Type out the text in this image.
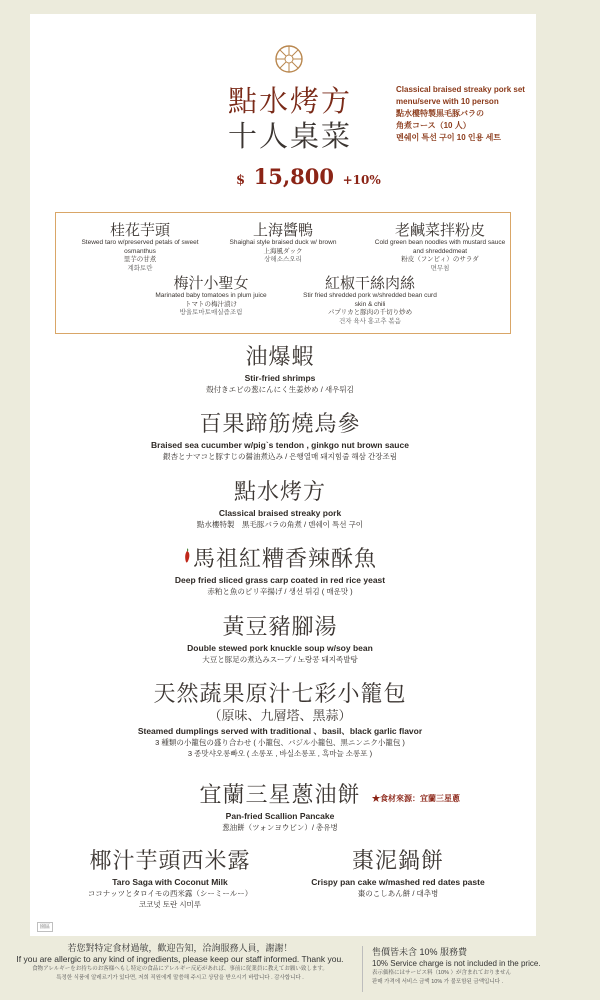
點水烤方
十人桌菜
Classical braised streaky pork set
menu/serve with 10 person
點水樓特製黒毛豚バラの
角煮コース（10 人）
뎬쉐이 특선 구이 10 인용 세트
$ 15,800 +10%
桂花芋頭
Stewed taro w/preserved petals of sweet osmanthus
里芋の甘煮
계화토란
上海醬鴨
Shaighai style braised duck w/ brown
上海風ダック
상해소스오리
老鹹菜拌粉皮
Cold green bean noodles with mustard sauce and shreddedmeat
粉皮（フンピィ）のサラダ
면무침
梅汁小聖女
Marinated baby tomatoes in plum juice
トマトの梅汁漬け
방울토마토매실즙조림
紅椒干絲肉絲
Stir fried shredded pork w/shredded bean curd skin & chili
パプリカと豚肉の千切り炒め
건자 육사 홍고추 볶음
油爆蝦
Stir-fried shrimps
殻付きエビの葱にんにく生姜炒め / 새우튀김
百果蹄筋燒烏參
Braised sea cucumber w/pig`s tendon , ginkgo nut brown sauce
銀杏とナマコと豚すじの醤油煮込み / 은행열매 돼지힘줄 해삼 간장조림
點水烤方
Classical braised streaky pork
點水樓特製　黒毛豚バラの角煮 / 뎬쉐이 특선 구이
馬祖紅糟香辣酥魚
Deep fried sliced grass carp coated in red rice yeast
赤粕と魚のピリ辛揚げ / 생선 튀김 ( 매운맛 )
黃豆豬腳湯
Double stewed pork knuckle soup w/soy bean
大豆と豚足の煮込みスープ / 노랑콩 돼지족발탕
天然蔬果原汁七彩小籠包
（原味、九層塔、黑蒜）
Steamed dumplings served with traditional 、basil、black garlic flavor
3 種類の小籠包の盛り合わせ ( 小籠包、バジル小籠包、黒ニンニク小籠包 )
3 종맛샤오롱빠오 ( 소롱포 , 바실소롱포 , 흑마늘 소롱포 )
宜蘭三星蔥油餅
Pan-fried Scallion Pancake
葱油餅（ツォンヨウビン）/ 총유병
★食材來源：宜蘭三星蔥
椰汁芋頭西米露
Taro Saga with Coconut Milk
ココナッツとタロイモの西米露（シーミールー）
코코넛 토란 시미루
棗泥鍋餅
Crispy pan cake w/mashed red dates paste
棗のこしあん餅 / 대추병
園區
若您對特定食材過敏，歡迎告知，洽詢服務人員，謝謝！
If you are allergic to any kind of ingredients, please keep our staff informed. Thank you.
食物アレルギーをお持ちのお客様へもし特定の食品にアレルギー反応があれば、事前に従業員に教えてお願い致します。
특정한 식품에 알레르기가 있다면, 저희 직원에게 말씀해 주시고 상담을 받으시기 바랍니다 . 감사합니다 .
售價皆未含 10% 服務費
10% Service charge is not included in the price.
表示価格にはサービス料（10% ）が含まれておりません
판매 가격에 서비스 금액 10% 가 불포함된 금액입니다 .
